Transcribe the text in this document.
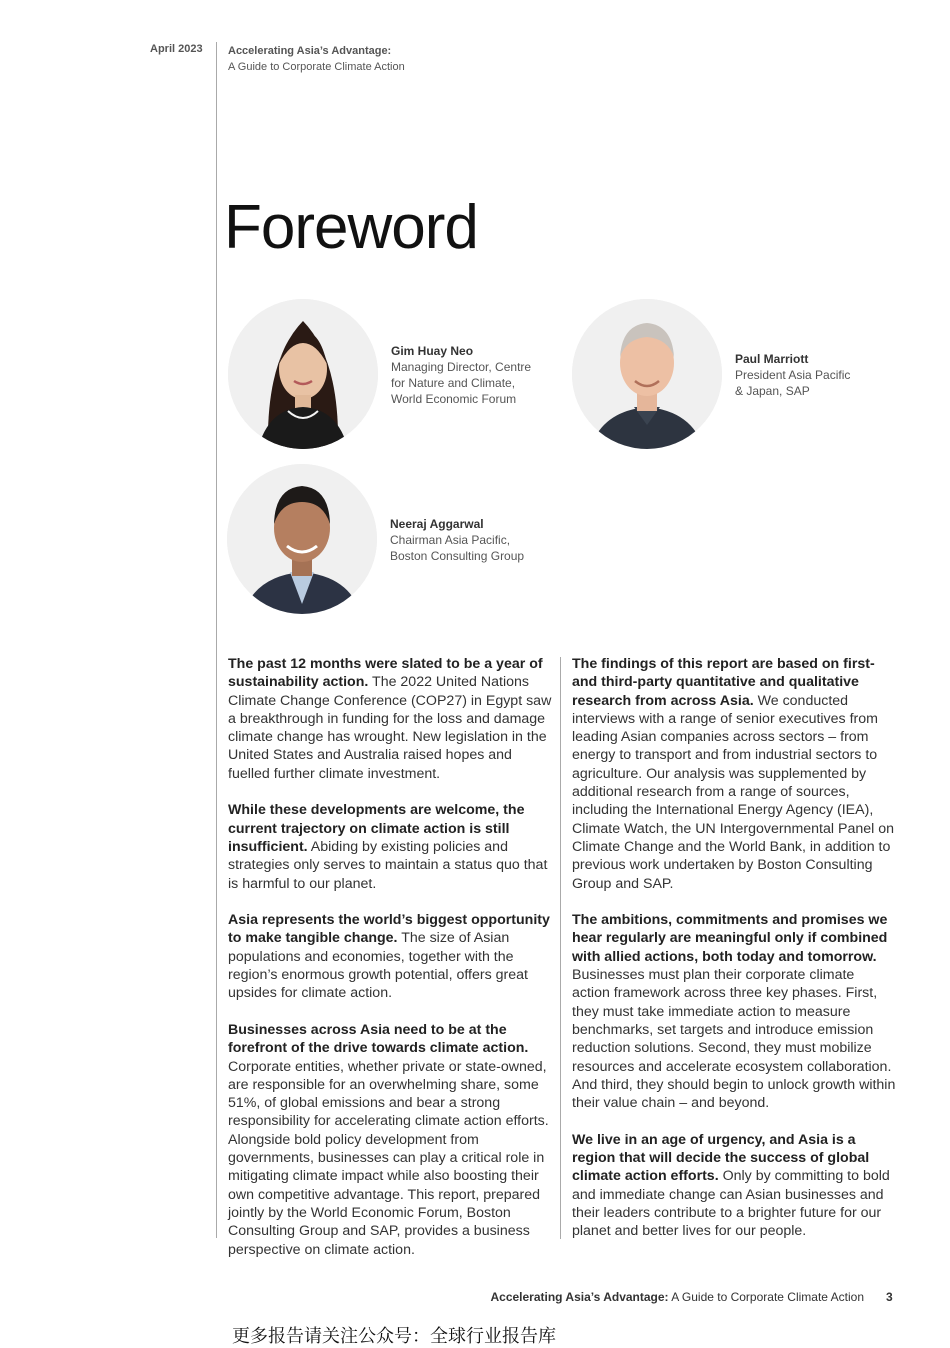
April 2023 Accelerating Asia’s Advantage:
A Guide to Corporate Climate Action
Foreword
Gim Huay Neo
Managing Director, Centre
for Nature and Climate,
World Economic Forum
Paul Marriott
President Asia Pacific
& Japan, SAP
Neeraj Aggarwal
Chairman Asia Pacific,
Boston Consulting Group

The past 12 months were slated to be a year of sustainability action. The 2022 United Nations Climate Change Conference (COP27) in Egypt saw a breakthrough in funding for the loss and damage climate change has wrought. New legislation in the United States and Australia raised hopes and fuelled further climate investment.

While these developments are welcome, the current trajectory on climate action is still insufficient. Abiding by existing policies and strategies only serves to maintain a status quo that is harmful to our planet.

Asia represents the world’s biggest opportunity to make tangible change. The size of Asian populations and economies, together with the region’s enormous growth potential, offers great upsides for climate action.

Businesses across Asia need to be at the forefront of the drive towards climate action. Corporate entities, whether private or state-owned, are responsible for an overwhelming share, some 51%, of global emissions and bear a strong responsibility for accelerating climate action efforts. Alongside bold policy development from governments, businesses can play a critical role in mitigating climate impact while also boosting their own competitive advantage. This report, prepared jointly by the World Economic Forum, Boston Consulting Group and SAP, provides a business perspective on climate action.

The findings of this report are based on first- and third-party quantitative and qualitative research from across Asia. We conducted interviews with a range of senior executives from leading Asian companies across sectors – from energy to transport and from industrial sectors to agriculture. Our analysis was supplemented by additional research from a range of sources, including the International Energy Agency (IEA), Climate Watch, the UN Intergovernmental Panel on Climate Change and the World Bank, in addition to previous work undertaken by Boston Consulting Group and SAP.

The ambitions, commitments and promises we hear regularly are meaningful only if combined with allied actions, both today and tomorrow. Businesses must plan their corporate climate action framework across three key phases. First, they must take immediate action to measure benchmarks, set targets and introduce emission reduction solutions. Second, they must mobilize resources and accelerate ecosystem collaboration. And third, they should begin to unlock growth within their value chain – and beyond.

We live in an age of urgency, and Asia is a region that will decide the success of global climate action efforts. Only by committing to bold and immediate change can Asian businesses and their leaders contribute to a brighter future for our planet and better lives for our people.

Accelerating Asia’s Advantage: A Guide to Corporate Climate Action 3
更多报告请关注公众号：全球行业报告库
